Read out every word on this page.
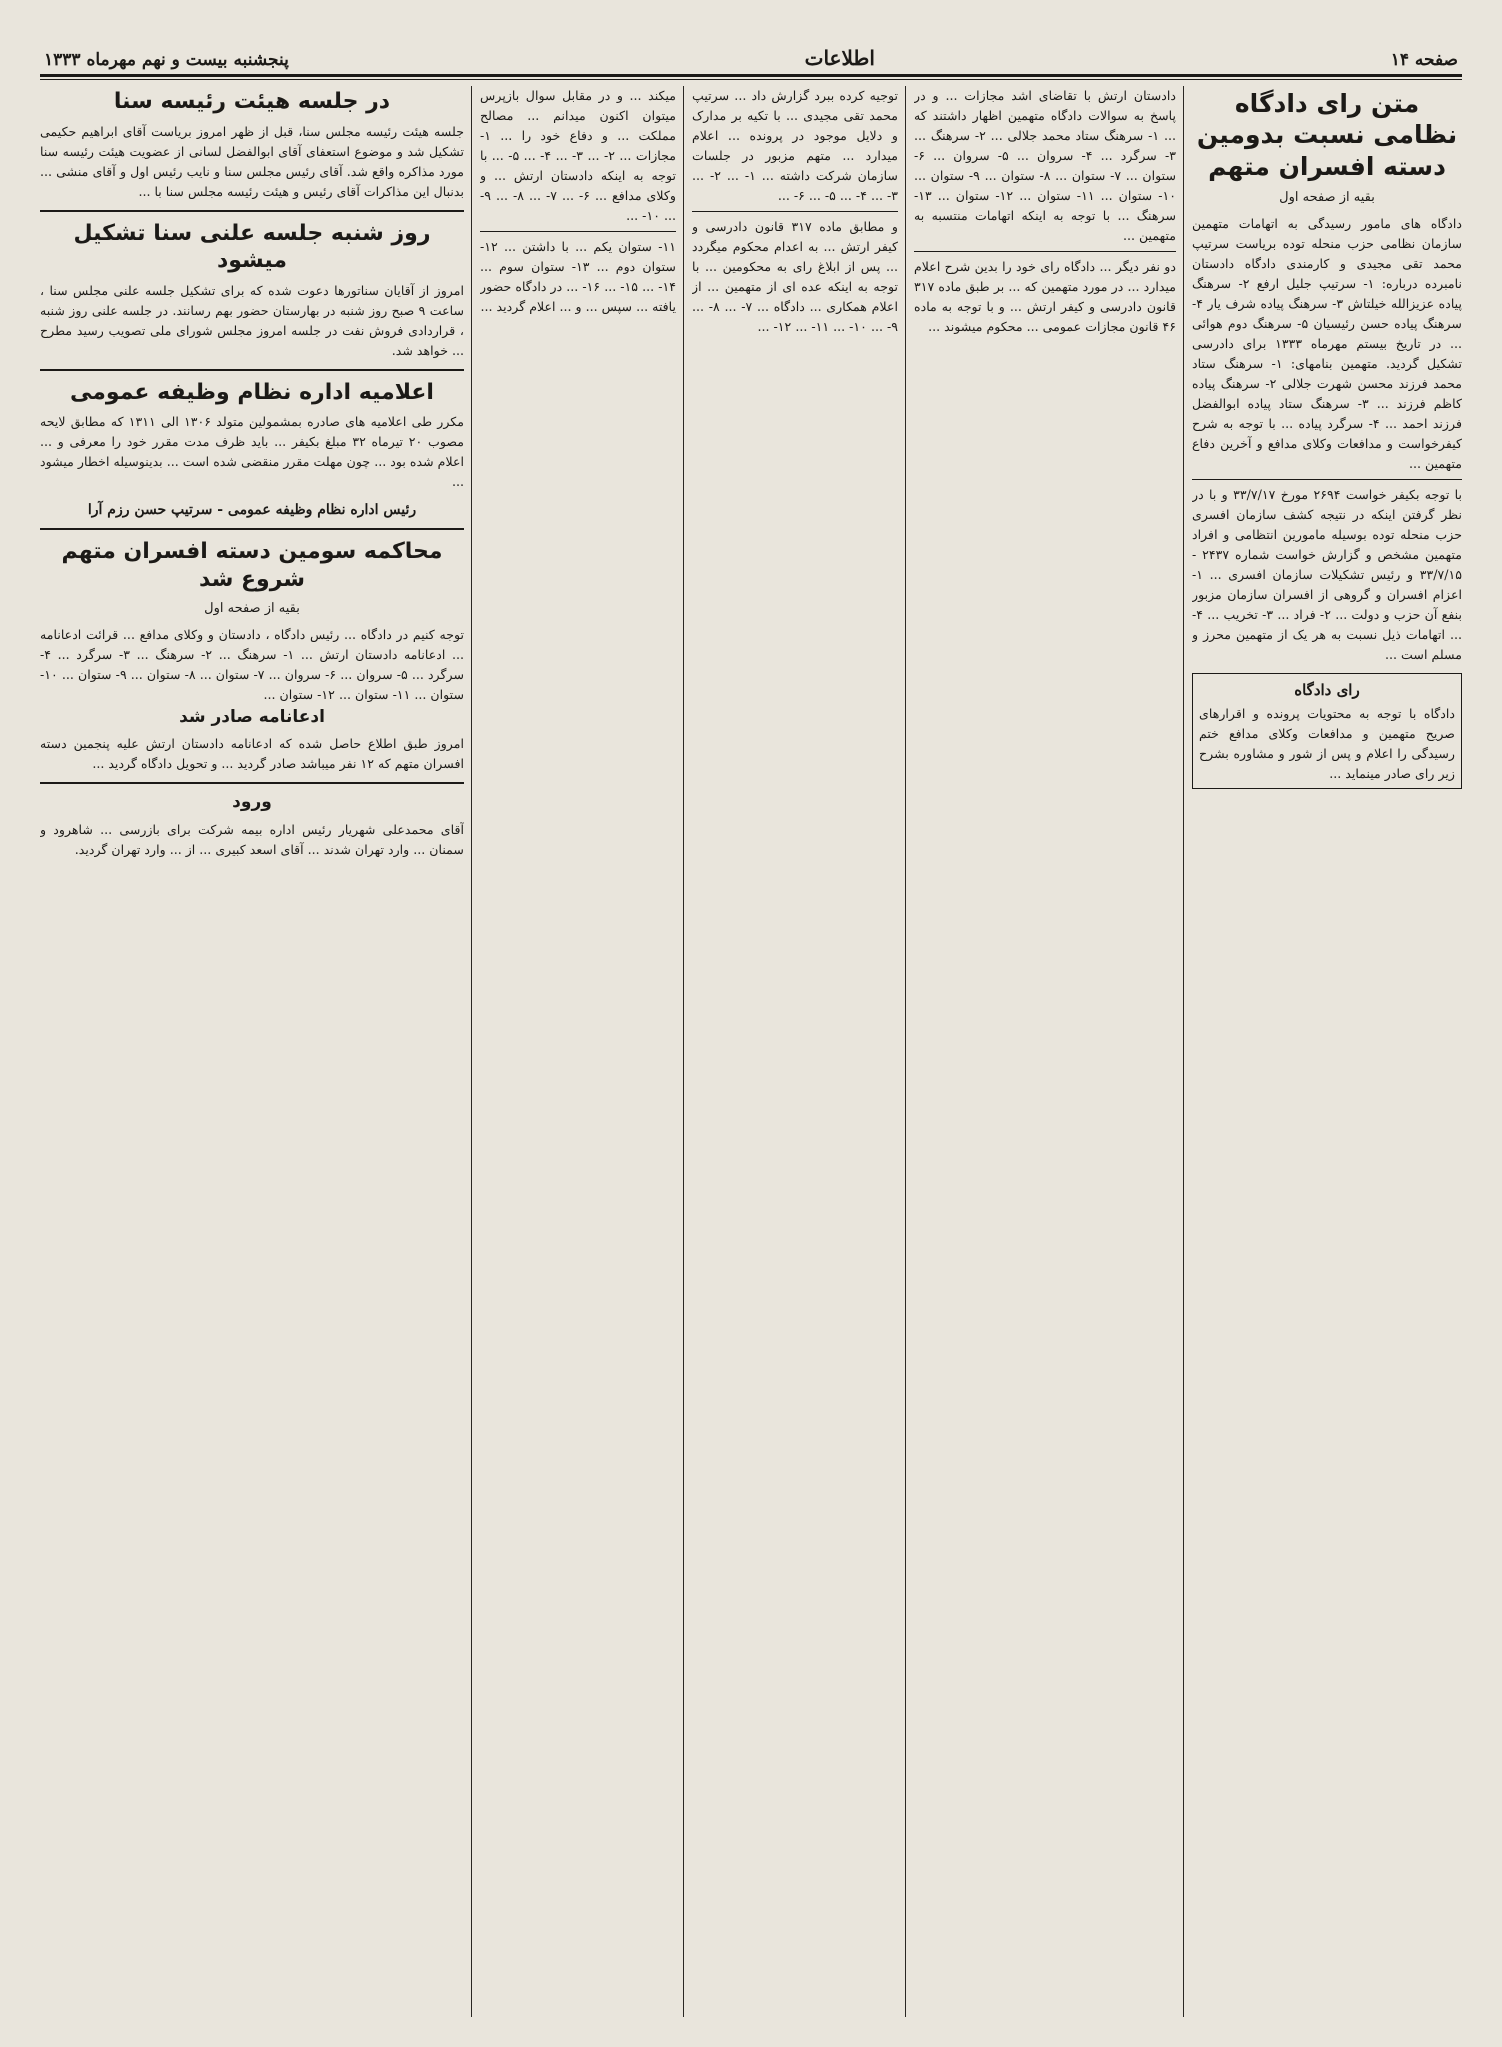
صفحه ۱۴
اطلاعات
پنجشنبه بیست و نهم مهرماه ۱۳۳۳
متن رای دادگاه نظامی نسبت بدومین دسته افسران متهم
بقیه از صفحه اول

دادگاه های مامور رسیدگی به اتهامات متهمین سازمان نظامی حزب منحله توده بریاست سرتیپ محمد تقی مجیدی و کارمندی دادگاه دادستان نامبرده درباره: ۱- سرتیپ جلیل ارفع ۲- سرهنگ پیاده عزیزالله خیلتاش ۳- سرهنگ پیاده شرف یار ۴- سرهنگ پیاده حسن رئیسیان ۵- سرهنگ دوم هوائی ... در تاریخ بیستم مهرماه ۱۳۳۳ برای دادرسی تشکیل گردید. متهمین بنامهای: ۱- سرهنگ ستاد محمد فرزند محسن شهرت جلالی ۲- سرهنگ پیاده کاظم فرزند ... ۳- سرهنگ ستاد پیاده ابوالفضل فرزند احمد ... ۴- سرگرد پیاده ... با توجه به شرح کیفرخواست و مدافعات وکلای مدافع و آخرین دفاع متهمین ...

با توجه بکیفر خواست ۲۶۹۴ مورخ ۳۳/۷/۱۷ و با در نظر گرفتن اینکه در نتیجه کشف سازمان افسری حزب منحله توده بوسیله مامورین انتظامی و افراد متهمین مشخص و گزارش خواست شماره ۲۴۳۷ - ۳۳/۷/۱۵ و رئیس تشکیلات سازمان افسری ... ۱- اعزام افسران و گروهی از افسران سازمان مزبور بنفع آن حزب و دولت ... ۲- فراد ... ۳- تخریب ... ۴- ... اتهامات ذیل نسبت به هر یک از متهمین محرز و مسلم است ...

رای دادگاه

دادگاه با توجه به محتویات پرونده و اقرارهای صریح متهمین و مدافعات وکلای مدافع ختم رسیدگی را اعلام و پس از شور و مشاوره بشرح زیر رای صادر مینماید ...

دادستان ارتش با تقاضای اشد مجازات ... و در پاسخ به سوالات دادگاه متهمین اظهار داشتند که ... ۱- سرهنگ ستاد محمد جلالی ... ۲- سرهنگ ... ۳- سرگرد ... ۴- سروان ... ۵- سروان ... ۶- ستوان ... ۷- ستوان ... ۸- ستوان ... ۹- ستوان ... ۱۰- ستوان ... ۱۱- ستوان ... ۱۲- ستوان ... ۱۳- سرهنگ ... با توجه به اینکه اتهامات منتسبه به متهمین ...

دو نفر دیگر ... دادگاه رای خود را بدین شرح اعلام میدارد ... در مورد متهمین که ... بر طبق ماده ۳۱۷ قانون دادرسی و کیفر ارتش ... و با توجه به ماده ۴۶ قانون مجازات عمومی ... محکوم میشوند ...

توجیه کرده ببرد گزارش داد ... سرتیپ محمد تقی مجیدی ... با تکیه بر مدارک و دلایل موجود در پرونده ... اعلام میدارد ... متهم مزبور در جلسات سازمان شرکت داشته ... ۱- ... ۲- ... ۳- ... ۴- ... ۵- ... ۶- ...

و مطابق ماده ۳۱۷ قانون دادرسی و کیفر ارتش ... به اعدام محکوم میگردد ... پس از ابلاغ رای به محکومین ... با توجه به اینکه عده ای از متهمین ... از اعلام همکاری ... دادگاه ... ۷- ... ۸- ... ۹- ... ۱۰- ... ۱۱- ... ۱۲- ...

میکند ... و در مقابل سوال بازپرس میتوان اکنون میدانم ... مصالح مملکت ... و دفاع خود را ... ۱- مجازات ... ۲- ... ۳- ... ۴- ... ۵- ... با توجه به اینکه دادستان ارتش ... و وکلای مدافع ... ۶- ... ۷- ... ۸- ... ۹- ... ۱۰- ...

۱۱- ستوان یکم ... با داشتن ... ۱۲- ستوان دوم ... ۱۳- ستوان سوم ... ۱۴- ... ۱۵- ... ۱۶- ... در دادگاه حضور یافته ... سپس ... و ... اعلام گردید ...

در جلسه هیئت رئیسه سنا

جلسه هیئت رئیسه مجلس سنا، قبل از ظهر امروز بریاست آقای ابراهیم حکیمی تشکیل شد و موضوع استعفای آقای ابوالفضل لسانی از عضویت هیئت رئیسه سنا مورد مذاکره واقع شد. آقای رئیس مجلس سنا و نایب رئیس اول و آقای منشی ... بدنبال این مذاکرات آقای رئیس و هیئت رئیسه مجلس سنا با ...

روز شنبه جلسه علنی سنا تشکیل میشود

امروز از آقایان سناتورها دعوت شده که برای تشکیل جلسه علنی مجلس سنا ، ساعت ۹ صبح روز شنبه در بهارستان حضور بهم رسانند. در جلسه علنی روز شنبه ، قراردادی فروش نفت در جلسه امروز مجلس شورای ملی تصویب رسید مطرح ... خواهد شد.

اعلامیه اداره نظام وظیفه عمومی

مکرر طی اعلامیه های صادره بمشمولین متولد ۱۳۰۶ الی ۱۳۱۱ که مطابق لایحه مصوب ۲۰ تیرماه ۳۲ مبلغ بکیفر ... باید ظرف مدت مقرر خود را معرفی و ... اعلام شده بود ... چون مهلت مقرر منقضی شده است ... بدینوسیله اخطار میشود ...

رئیس اداره نظام وظیفه عمومی - سرتیپ حسن رزم آرا
محاکمه سومین دسته افسران متهم شروع شد
بقیه از صفحه اول

توجه کنیم در دادگاه ... رئیس دادگاه ، دادستان و وکلای مدافع ... قرائت ادعانامه ... ادعانامه دادستان ارتش ... ۱- سرهنگ ... ۲- سرهنگ ... ۳- سرگرد ... ۴- سرگرد ... ۵- سروان ... ۶- سروان ... ۷- ستوان ... ۸- ستوان ... ۹- ستوان ... ۱۰- ستوان ... ۱۱- ستوان ... ۱۲- ستوان ...

ادعانامه صادر شد

امروز طبق اطلاع حاصل شده که ادعانامه دادستان ارتش علیه پنجمین دسته افسران متهم که ۱۲ نفر میباشد صادر گردید ... و تحویل دادگاه گردید ...

ورود

آقای محمدعلی شهریار رئیس اداره بیمه شرکت برای بازرسی ... شاهرود و سمنان ... وارد تهران شدند ... آقای اسعد کبیری ... از ... وارد تهران گردید.
